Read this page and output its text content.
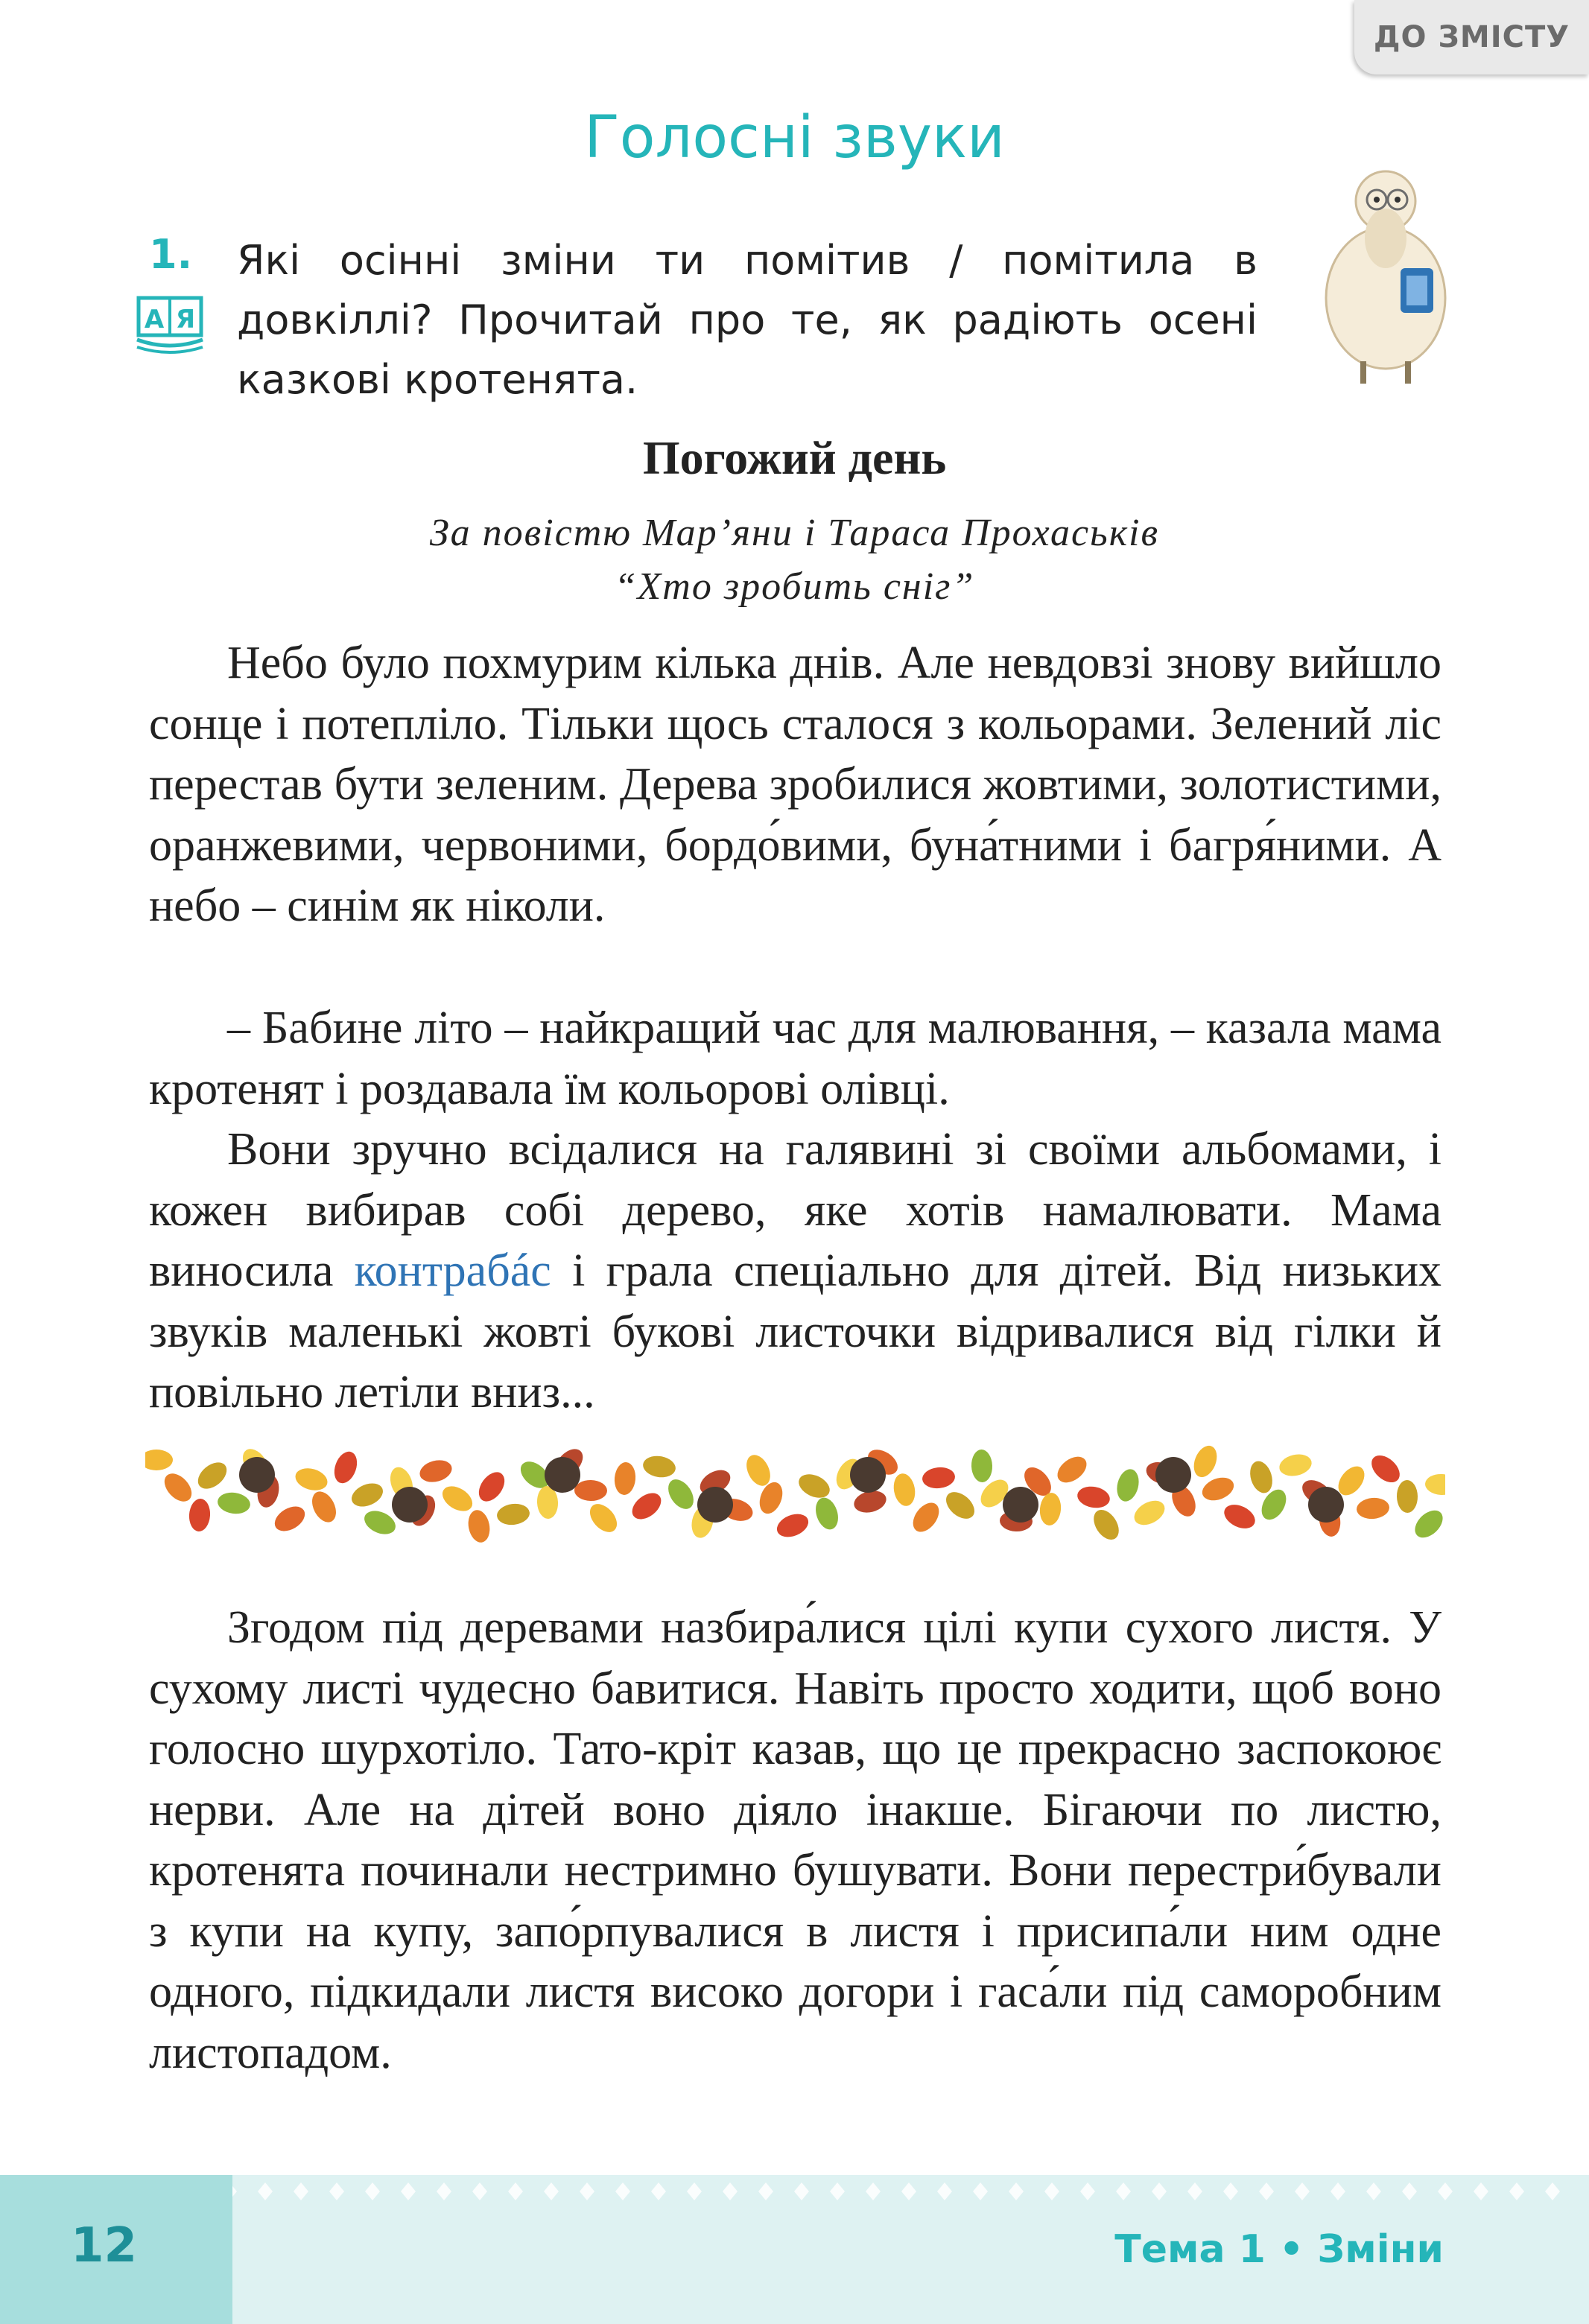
ДО ЗМІСТУ
Голосні звуки
1.
А Я

Які осінні зміни ти помітив / помітила в довкіллі? Прочитай про те, як радіють осені казкові кротенята.

Погожий день
За повістю Мар’яни і Тараса Прохаськів
“Хто зробить сніг”

Небо було похмурим кілька днів. Але невдовзі знову вийшло сонце і потепліло. Тільки щось сталося з кольорами. Зелений ліс перестав бути зеленим. Дерева зробилися жовтими, золотистими, оранжевими, червоними, бордо́вими, буна́тними і багря́ними. А небо – синім як ніколи.

– Бабине літо – найкращий час для малювання, – казала мама кротенят і роздавала їм кольорові олівці.

Вони зручно всідалися на галявині зі своїми альбомами, і кожен вибирав собі дерево, яке хотів намалювати. Мама виносила контрабáс і грала спеціально для дітей. Від низьких звуків маленькі жовті букові листочки відривалися від гілки й повільно летіли вниз...

Згодом під деревами назбира́лися цілі купи сухого листя. У сухому листі чудесно бавитися. Навіть просто ходити, щоб воно голосно шурхотіло. Тато-кріт казав, що це прекрасно заспокоює нерви. Але на дітей воно діяло інакше. Бігаючи по листю, кротенята починали нестримно бушувати. Вони перестри́бували з купи на купу, запо́рпувалися в листя і присипа́ли ним одне одного, підкидали листя високо догори і гаса́ли під саморобним листопадом.

12	Тема 1 • Зміни
